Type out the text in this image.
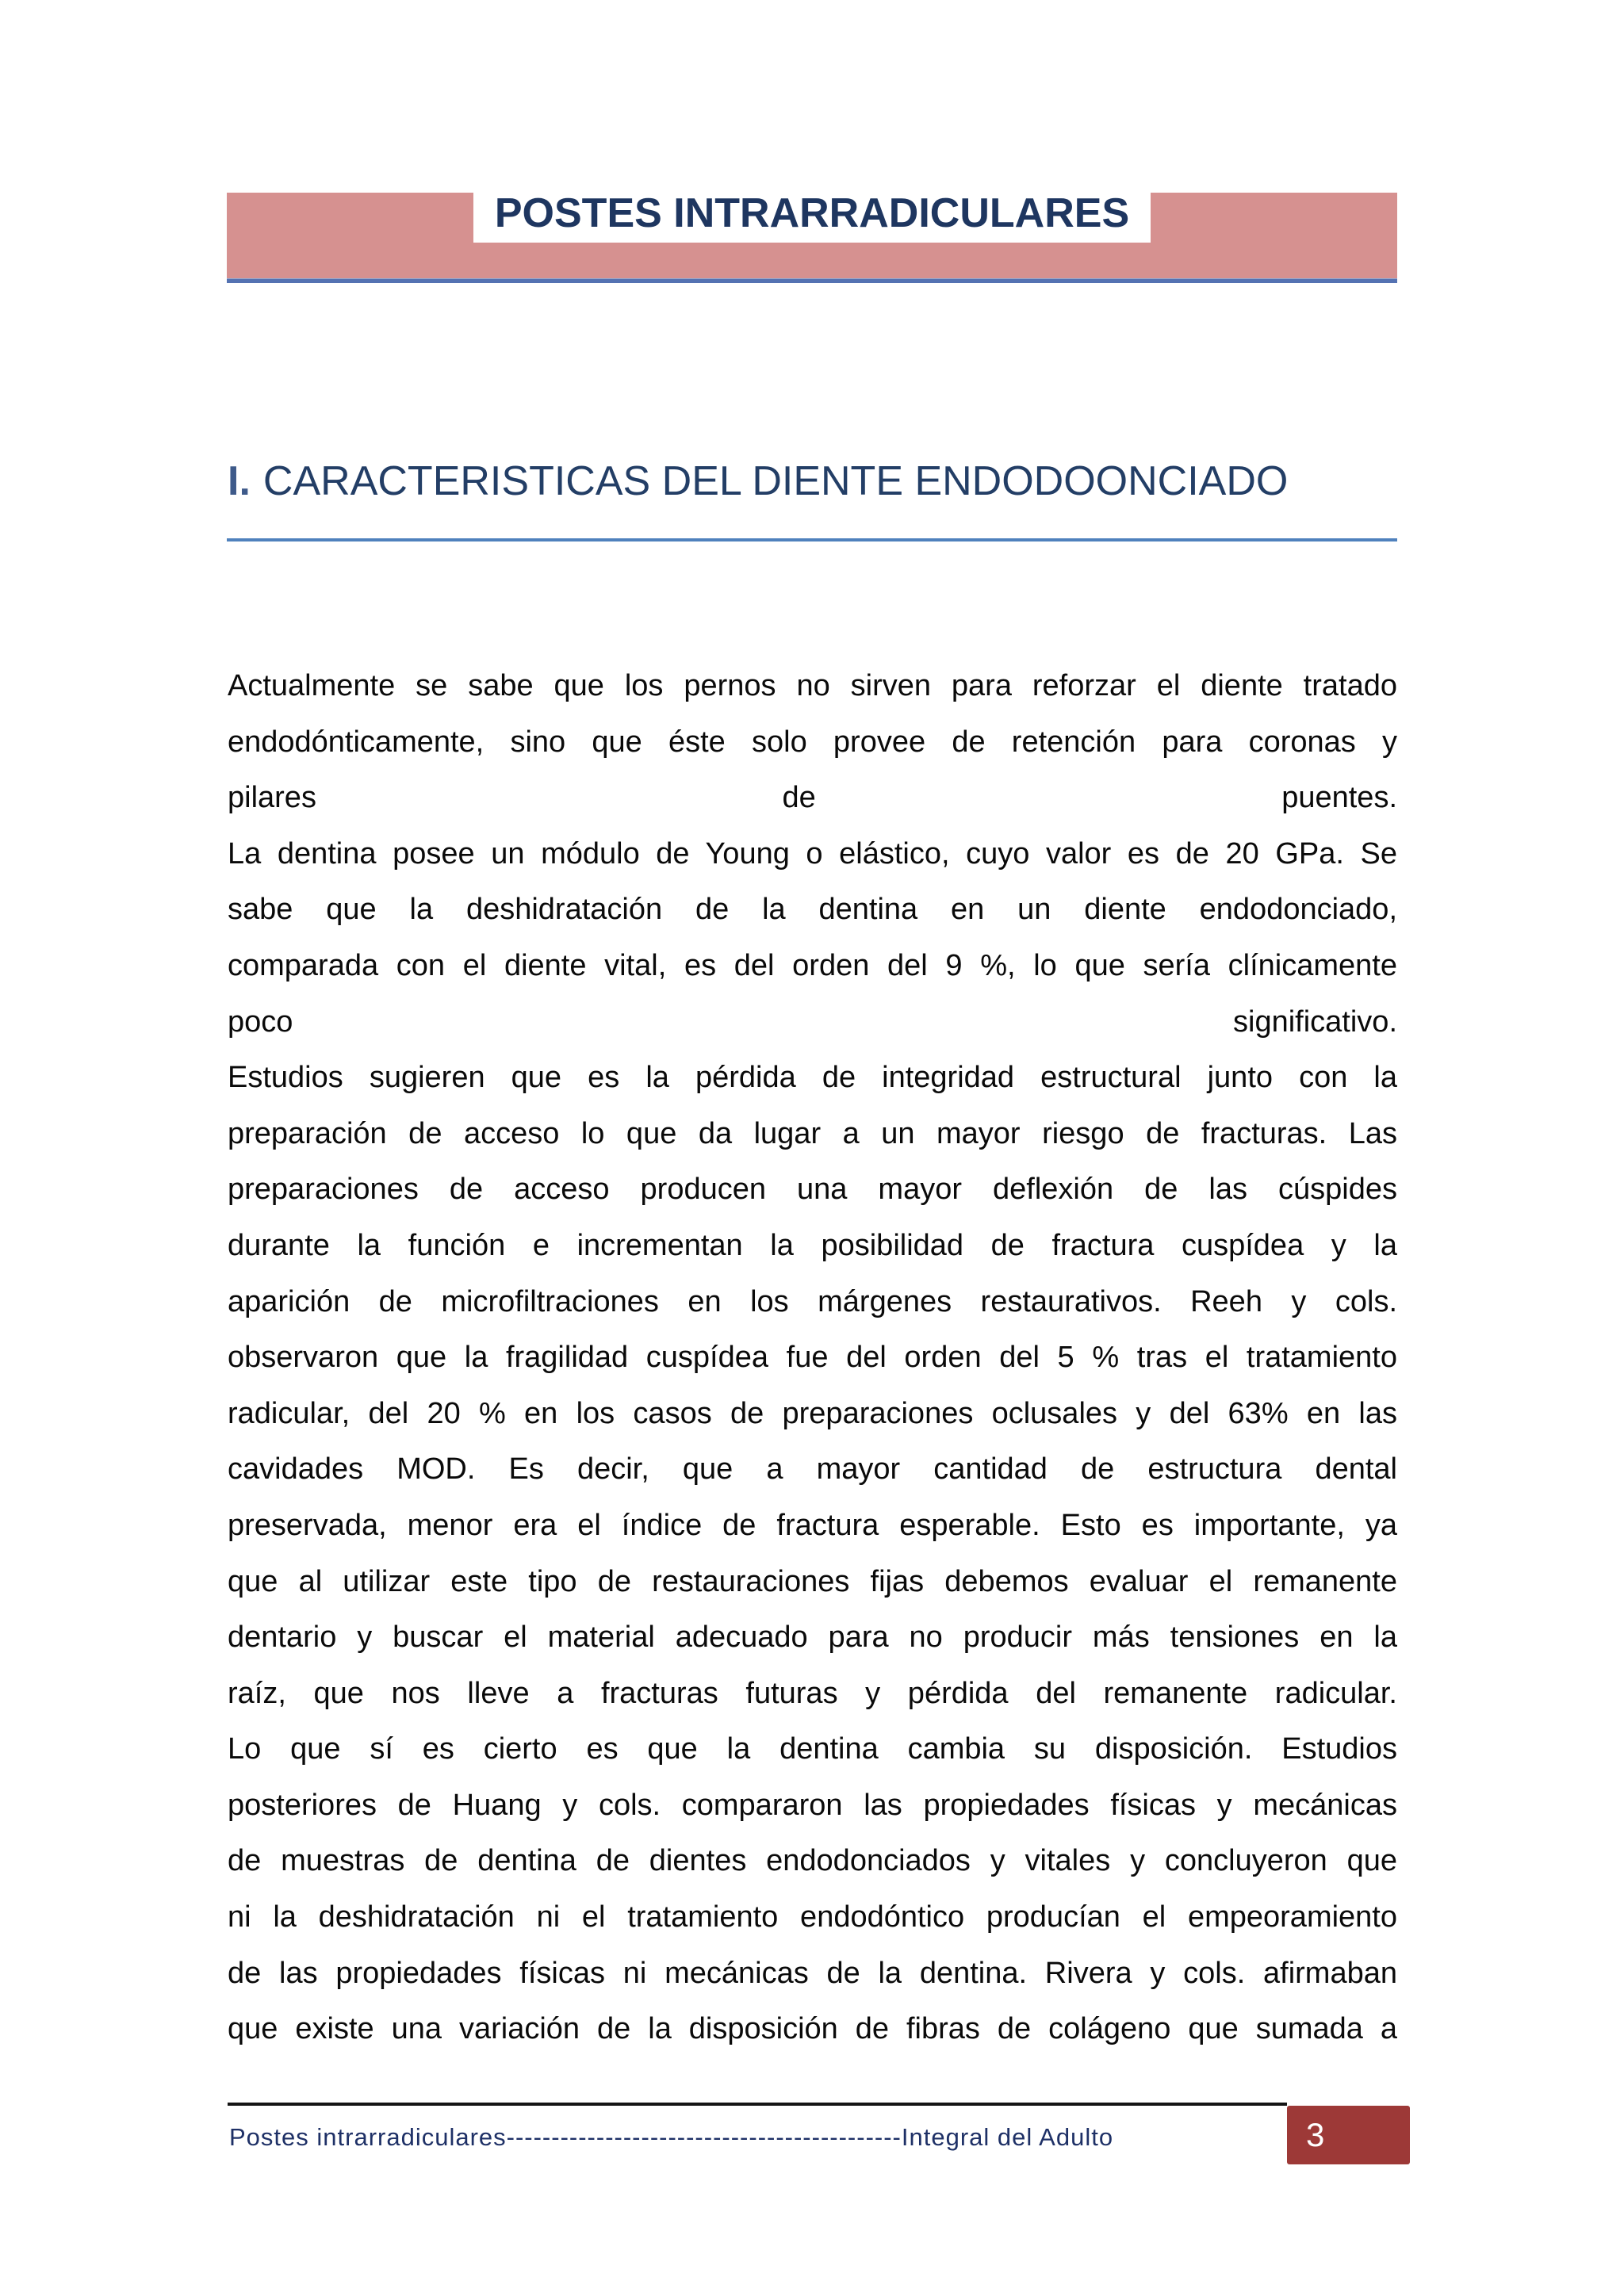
POSTES INTRARRADICULARES
I. CARACTERISTICAS DEL DIENTE ENDODOONCIADO
Actualmente se sabe que los pernos no sirven para reforzar el diente tratado
endodónticamente, sino que éste solo provee de retención para coronas y
pilares de puentes.
La dentina posee un módulo de Young o elástico, cuyo valor es de 20 GPa. Se
sabe que la deshidratación de la dentina en un diente endodonciado,
comparada con el diente vital, es del orden del 9 %, lo que sería clínicamente
poco significativo.
Estudios sugieren que es la pérdida de integridad estructural junto con la
preparación de acceso lo que da lugar a un mayor riesgo de fracturas. Las
preparaciones de acceso producen una mayor deflexión de las cúspides
durante la función e incrementan la posibilidad de fractura cuspídea y la
aparición de microfiltraciones en los márgenes restaurativos. Reeh y cols.
observaron que la fragilidad cuspídea fue del orden del 5 % tras el tratamiento
radicular, del 20 % en los casos de preparaciones oclusales y del 63% en las
cavidades MOD. Es decir, que a mayor cantidad de estructura dental
preservada, menor era el índice de fractura esperable. Esto es importante, ya
que al utilizar este tipo de restauraciones fijas debemos evaluar el remanente
dentario y buscar el material adecuado para no producir más tensiones en la
raíz, que nos lleve a fracturas futuras y pérdida del remanente radicular.
Lo que sí es cierto es que la dentina cambia su disposición. Estudios
posteriores de Huang y cols. compararon las propiedades físicas y mecánicas
de muestras de dentina de dientes endodonciados y vitales y concluyeron que
ni la deshidratación ni el tratamiento endodóntico producían el empeoramiento
de las propiedades físicas ni mecánicas de la dentina. Rivera y cols. afirmaban
que existe una variación de la disposición de fibras de colágeno que sumada a
Postes intrarradiculares--------------------------------------------Integral del Adulto	3
